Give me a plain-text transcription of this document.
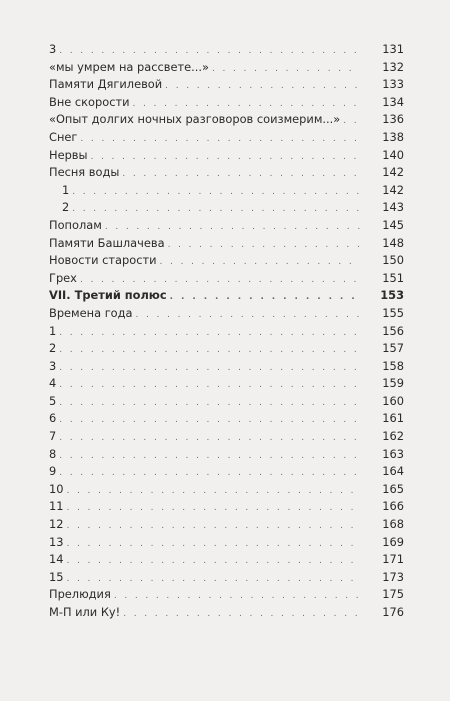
3 . . .	131
«мы умрем на рассвете...» . . .	132
Памяти Дягилевой . . .	133
Вне скорости . . .	134
«Опыт долгих ночных разговоров соизмерим...» . . .	136
Снег . . .	138
Нервы . . .	140
Песня воды . . .	142
1 . . .	142
2 . . .	143
Пополам . . .	145
Памяти Башлачева . . .	148
Новости старости . . .	150
Грех . . .	151
VII. Третий полюс . . .	153
Времена года . . .	155
1 . . .	156
2 . . .	157
3 . . .	158
4 . . .	159
5 . . .	160
6 . . .	161
7 . . .	162
8 . . .	163
9 . . .	164
10 . . .	165
11 . . .	166
12 . . .	168
13 . . .	169
14 . . .	171
15 . . .	173
Прелюдия . . .	175
М-П или Ку! . . .	176
